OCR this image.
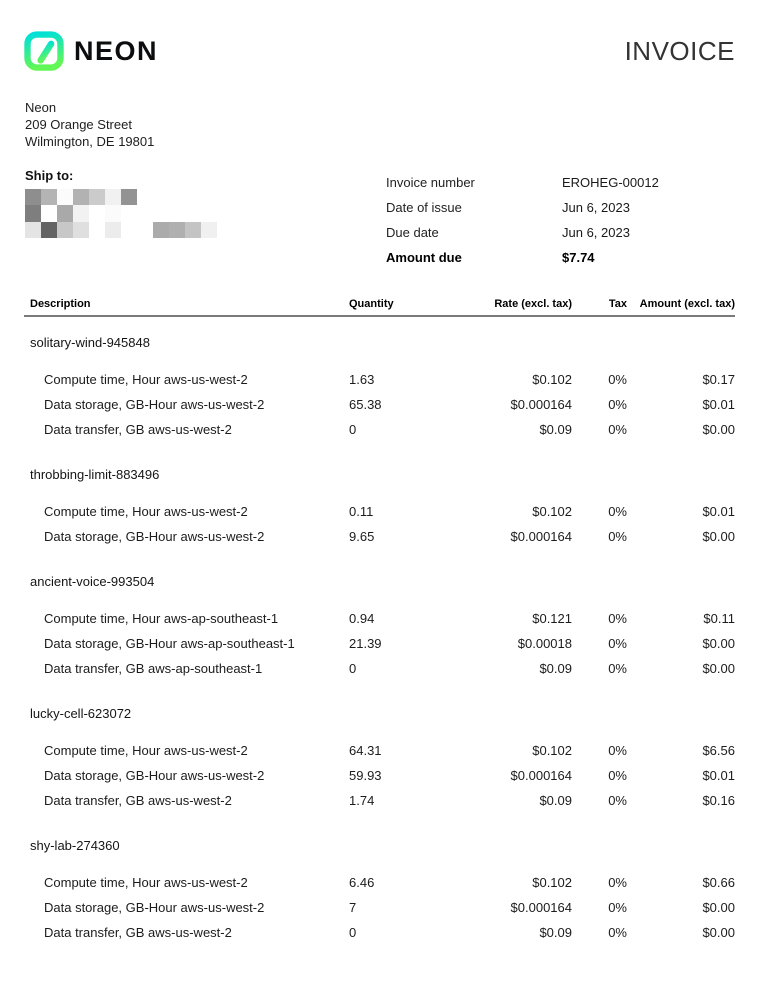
NEON	INVOICE
Neon
209 Orange Street
Wilmington, DE 19801
Ship to:	Invoice number	EROHEG-00012
Date of issue	Jun 6, 2023
Due date	Jun 6, 2023
Amount due	$7.74
Description	Quantity	Rate (excl. tax)	Tax	Amount (excl. tax)
solitary-wind-945848
Compute time, Hour aws-us-west-2	1.63	$0.102	0%	$0.17
Data storage, GB-Hour aws-us-west-2	65.38	$0.000164	0%	$0.01
Data transfer, GB aws-us-west-2	0	$0.09	0%	$0.00
throbbing-limit-883496
Compute time, Hour aws-us-west-2	0.11	$0.102	0%	$0.01
Data storage, GB-Hour aws-us-west-2	9.65	$0.000164	0%	$0.00
ancient-voice-993504
Compute time, Hour aws-ap-southeast-1	0.94	$0.121	0%	$0.11
Data storage, GB-Hour aws-ap-southeast-1	21.39	$0.00018	0%	$0.00
Data transfer, GB aws-ap-southeast-1	0	$0.09	0%	$0.00
lucky-cell-623072
Compute time, Hour aws-us-west-2	64.31	$0.102	0%	$6.56
Data storage, GB-Hour aws-us-west-2	59.93	$0.000164	0%	$0.01
Data transfer, GB aws-us-west-2	1.74	$0.09	0%	$0.16
shy-lab-274360
Compute time, Hour aws-us-west-2	6.46	$0.102	0%	$0.66
Data storage, GB-Hour aws-us-west-2	7	$0.000164	0%	$0.00
Data transfer, GB aws-us-west-2	0	$0.09	0%	$0.00
